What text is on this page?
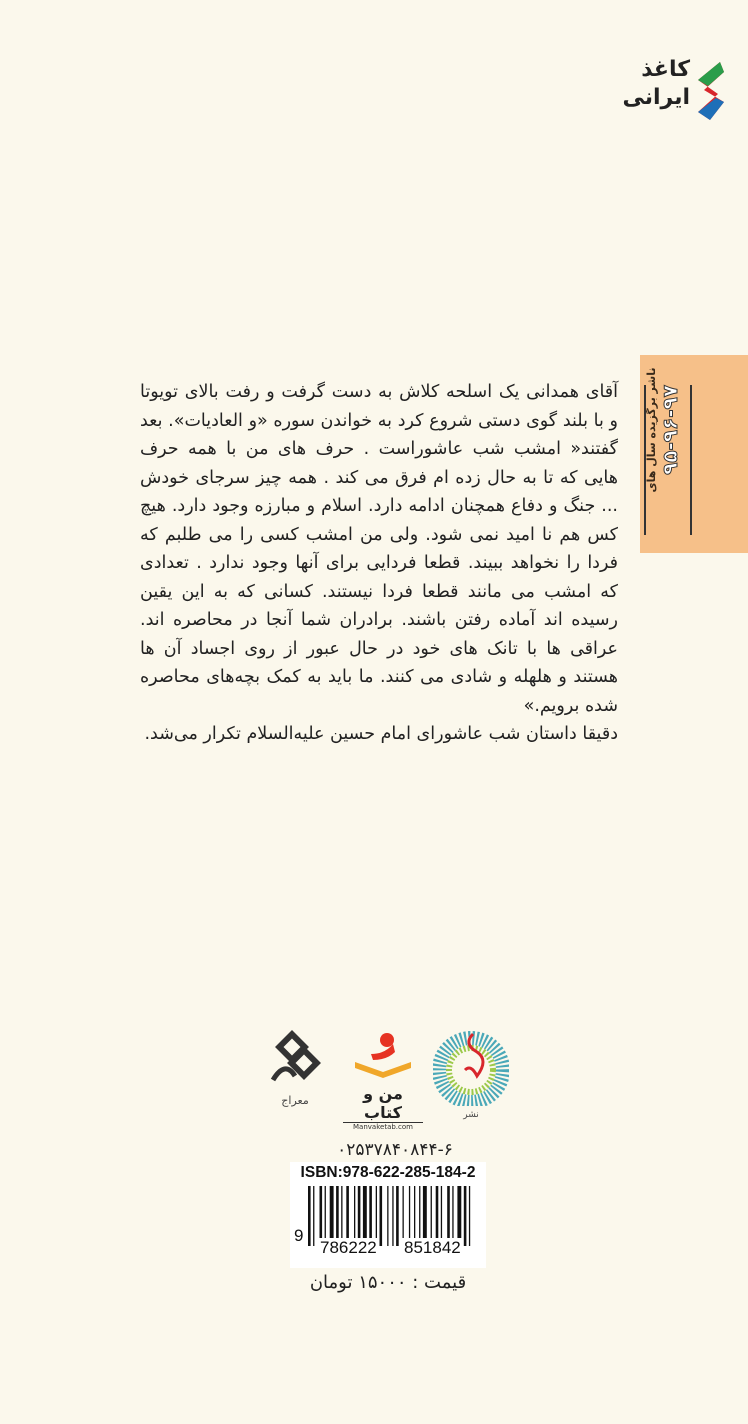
کاغذ
ایرانی
ناشر برگزیده سال های ۹۵-۹۶-۹۷

آقای همدانی یک اسلحه کلاش به دست گرفت و رفت بالای تویوتا و با بلند گوی دستی شروع کرد به خواندن سوره «و العادیات». بعد گفتند« امشب شب عاشوراست . حرف های من با همه حرف هایی که تا به حال زده ام فرق می کند . همه چیز سرجای خودش ... جنگ و دفاع همچنان ادامه دارد. اسلام و مبارزه وجود دارد. هیچ کس هم نا امید نمی شود. ولی من امشب کسی را می طلبم که فردا را نخواهد ببیند. قطعا فردایی برای آنها وجود ندارد . تعدادی که امشب می مانند قطعا فردا نیستند. کسانی که به این یقین رسیده اند آماده رفتن باشند. برادران شما آنجا در محاصره اند. عراقی ها با تانک های خود در حال عبور از روی اجساد آن ها هستند و هلهله و شادی می کنند. ما باید به کمک بچه‌های محاصره شده برویم.»

دقیقا داستان شب عاشورای امام حسین علیه‌السلام تکرار می‌شد.

معراج	من و کتاب
Manvaketab.com
نشر
۰۲۵۳۷۸۴۰۸۴۴-۶
ISBN:978-622-285-184-2
9
786222 851842
قیمت : ۱۵۰۰۰ تومان
